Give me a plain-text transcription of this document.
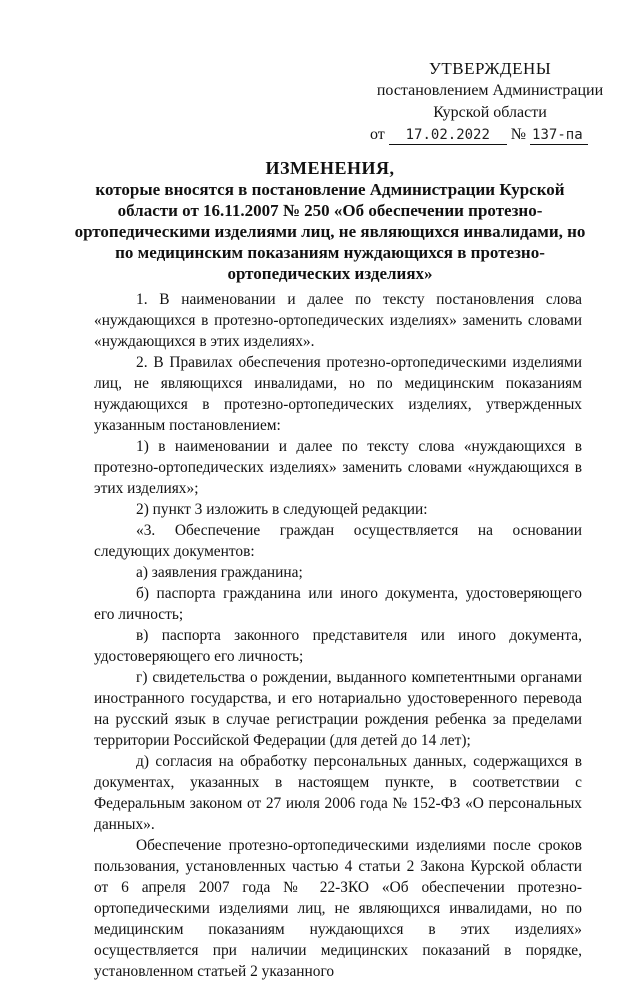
УТВЕРЖДЕНЫ
постановлением Администрации
Курской области
от 17.02.2022 № 137-па
ИЗМЕНЕНИЯ,
которые вносятся в постановление Администрации Курской области от 16.11.2007 № 250 «Об обеспечении протезно-ортопедическими изделиями лиц, не являющихся инвалидами, но по медицинским показаниям нуждающихся в протезно-ортопедических изделиях»

1. В наименовании и далее по тексту постановления слова «нуждающихся в протезно-ортопедических изделиях» заменить словами «нуждающихся в этих изделиях».

2. В Правилах обеспечения протезно-ортопедическими изделиями лиц, не являющихся инвалидами, но по медицинским показаниям нуждающихся в протезно-ортопедических изделиях, утвержденных указанным постановлением:

1) в наименовании и далее по тексту слова «нуждающихся в протезно-ортопедических изделиях» заменить словами «нуждающихся в этих изделиях»;

2) пункт 3 изложить в следующей редакции:

«3. Обеспечение граждан осуществляется на основании следующих документов:

а) заявления гражданина;

б) паспорта гражданина или иного документа, удостоверяющего его личность;

в) паспорта законного представителя или иного документа, удостоверяющего его личность;

г) свидетельства о рождении, выданного компетентными органами иностранного государства, и его нотариально удостоверенного перевода на русский язык в случае регистрации рождения ребенка за пределами территории Российской Федерации (для детей до 14 лет);

д) согласия на обработку персональных данных, содержащихся в документах, указанных в настоящем пункте, в соответствии с Федеральным законом от 27 июля 2006 года № 152-ФЗ «О персональных данных».

Обеспечение протезно-ортопедическими изделиями после сроков пользования, установленных частью 4 статьи 2 Закона Курской области от 6 апреля 2007 года № 22-ЗКО «Об обеспечении протезно-ортопедическими изделиями лиц, не являющихся инвалидами, но по медицинским показаниям нуждающихся в этих изделиях» осуществляется при наличии медицинских показаний в порядке, установленном статьей 2 указанного
